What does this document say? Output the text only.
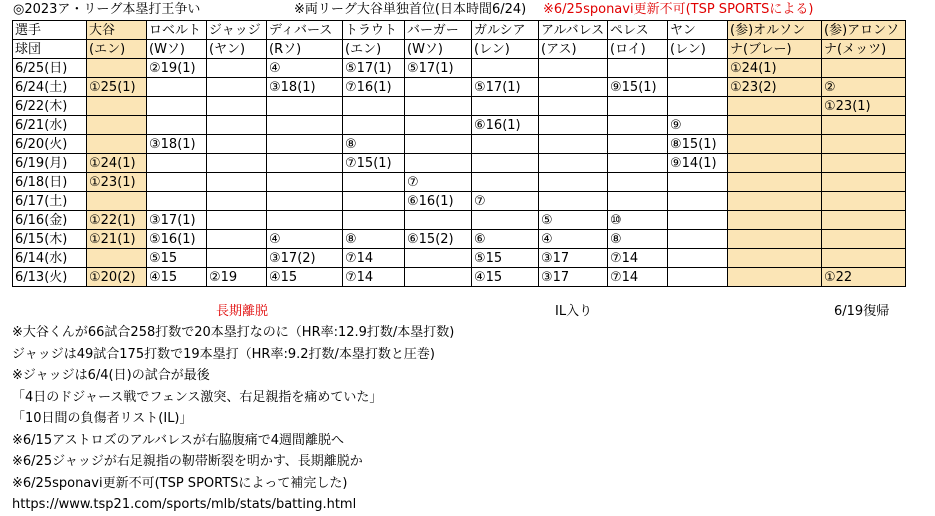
◎2023ア・リーグ本塁打王争い	※両リーグ大谷単独首位(日本時間6/24) ※6/25sponavi更新不可(TSP SPORTSによる)
選手	大谷	ロベルト	ジャッジ	ディバース	トラウト	バーガー	ガルシア	アルバレス	ペレス	ヤン	(参)オルソン	(参)アロンソ
球団	(エン)	(Wソ)	(ヤン)	(Rソ)	(エン)	(Wソ)	(レン)	(アス)	(ロイ)	(レン)	ナ(ブレー)	ナ(メッツ)
6/25(日)		②19(1)		④	⑤17(1)	⑤17(1)					①24(1)	
6/24(土)	①25(1)			③18(1)	⑦16(1)		⑤17(1)		⑨15(1)		①23(2)	②
6/22(木)												①23(1)
6/21(水)							⑥16(1)			⑨		
6/20(火)		③18(1)			⑧					⑧15(1)		
6/19(月)	①24(1)				⑦15(1)					⑨14(1)		
6/18(日)	①23(1)					⑦						
6/17(土)						⑥16(1)	⑦					
6/16(金)	①22(1)	③17(1)						⑤	⑩			
6/15(木)	①21(1)	⑤16(1)		④	⑧	⑥15(2)	⑥	④	⑧			
6/14(水)		⑤15		③17(2)	⑦14		⑤15	③17	⑦14			
6/13(火)	①20(2)	④15	②19	④15	⑦14		④15	③17	⑦14			①22
長期離脱	IL入り	6/19復帰
※大谷くんが66試合258打数で20本塁打なのに（HR率:12.9打数/本塁打数)
ジャッジは49試合175打数で19本塁打（HR率:9.2打数/本塁打数と圧巻)
※ジャッジは6/4(日)の試合が最後
「4日のドジャース戦でフェンス激突、右足親指を痛めていた」
「10日間の負傷者リスト(IL)」
※6/15アストロズのアルバレスが右脇腹痛で4週間離脱へ
※6/25ジャッジが右足親指の靭帯断裂を明かす、長期離脱か
※6/25sponavi更新不可(TSP SPORTSによって補完した)
https://www.tsp21.com/sports/mlb/stats/batting.html
